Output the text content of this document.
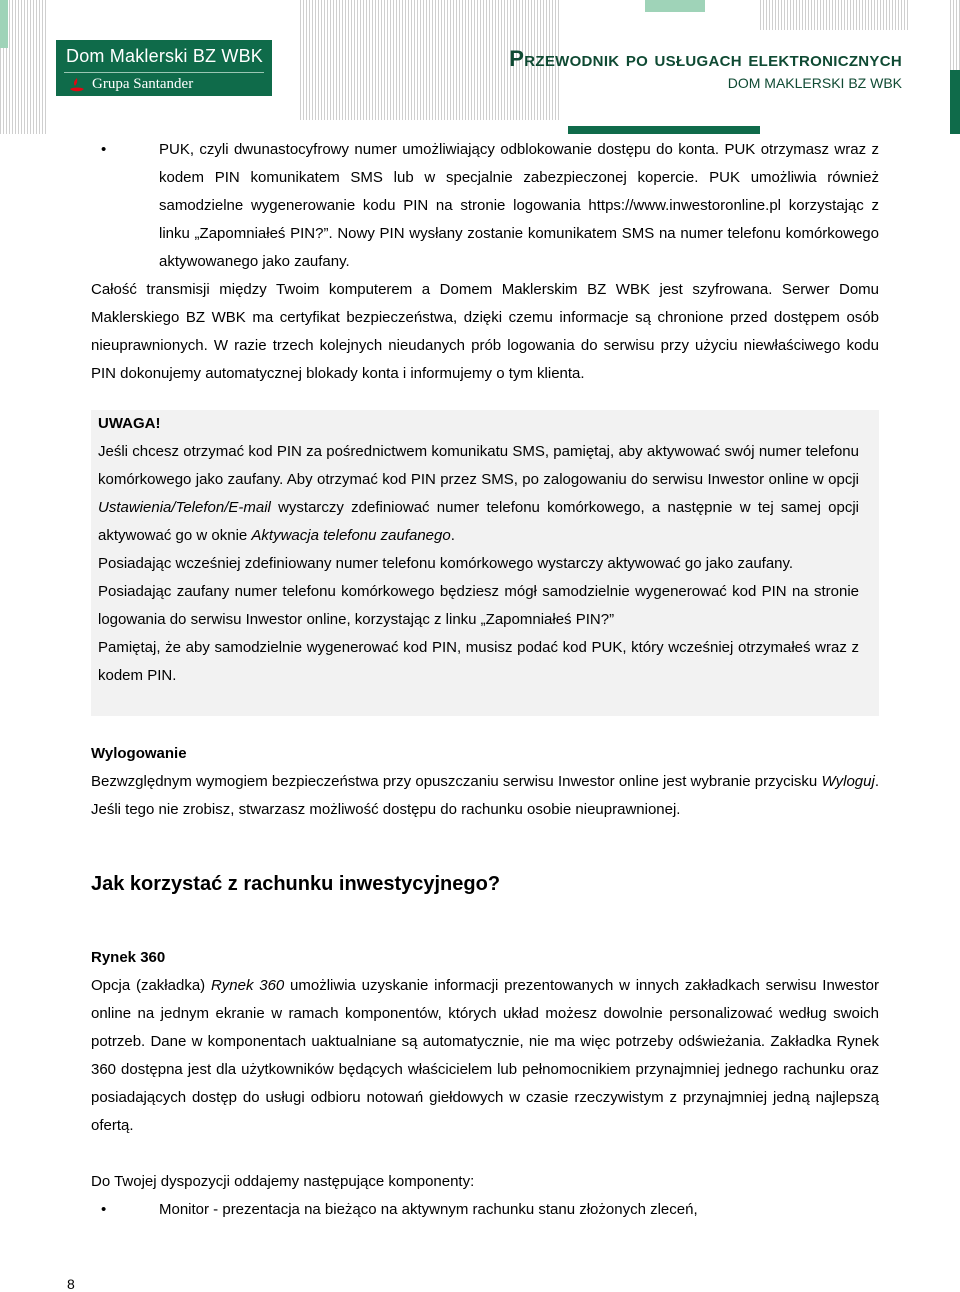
Dom Maklerski BZ WBK
Grupa Santander
Przewodnik po usługach elektronicznych
DOM MAKLERSKI BZ WBK
•	PUK, czyli dwunastocyfrowy numer umożliwiający odblokowanie dostępu do konta. PUK otrzymasz wraz z kodem PIN komunikatem SMS lub w specjalnie zabezpieczonej kopercie. PUK umożliwia również samodzielne wygenerowanie kodu PIN na stronie logowania https://www.inwestoronline.pl korzystając z linku „Zapomniałeś PIN?”. Nowy PIN wysłany zostanie komunikatem SMS na numer telefonu komórkowego aktywowanego jako zaufany.

Całość transmisji między Twoim komputerem a Domem Maklerskim BZ WBK jest szyfrowana. Serwer Domu Maklerskiego BZ WBK ma certyfikat bezpieczeństwa, dzięki czemu informacje są chronione przed dostępem osób nieuprawnionych. W razie trzech kolejnych nieudanych prób logowania do serwisu przy użyciu niewłaściwego kodu PIN dokonujemy automatycznej blokady konta i informujemy o tym klienta.

UWAGA!

Jeśli chcesz otrzymać kod PIN za pośrednictwem komunikatu SMS, pamiętaj, aby aktywować swój numer telefonu komórkowego jako zaufany. Aby otrzymać kod PIN przez SMS, po zalogowaniu do serwisu Inwestor online w opcji Ustawienia/Telefon/E-mail wystarczy zdefiniować numer telefonu komórkowego, a następnie w tej samej opcji aktywować go w oknie Aktywacja telefonu zaufanego.

Posiadając wcześniej zdefiniowany numer telefonu komórkowego wystarczy aktywować go jako zaufany.

Posiadając zaufany numer telefonu komórkowego będziesz mógł samodzielnie wygenerować kod PIN na stronie logowania do serwisu Inwestor online, korzystając z linku „Zapomniałeś PIN?”

Pamiętaj, że aby samodzielnie wygenerować kod PIN, musisz podać kod PUK, który wcześniej otrzymałeś wraz z kodem PIN.

Wylogowanie

Bezwzględnym wymogiem bezpieczeństwa przy opuszczaniu serwisu Inwestor online jest wybranie przycisku Wyloguj. Jeśli tego nie zrobisz, stwarzasz możliwość dostępu do rachunku osobie nieuprawnionej.

Jak korzystać z rachunku inwestycyjnego?

Rynek 360

Opcja (zakładka) Rynek 360 umożliwia uzyskanie informacji prezentowanych w innych zakładkach serwisu Inwestor online na jednym ekranie w ramach komponentów, których układ możesz dowolnie personalizować według swoich potrzeb. Dane w komponentach uaktualniane są automatycznie, nie ma więc potrzeby odświeżania. Zakładka Rynek 360 dostępna jest dla użytkowników będących właścicielem lub pełnomocnikiem przynajmniej jednego rachunku oraz posiadających dostęp do usługi odbioru notowań giełdowych w czasie rzeczywistym z przynajmniej jedną najlepszą ofertą.

Do Twojej dyspozycji oddajemy następujące komponenty:

•	Monitor - prezentacja na bieżąco na aktywnym rachunku stanu złożonych zleceń,
8
